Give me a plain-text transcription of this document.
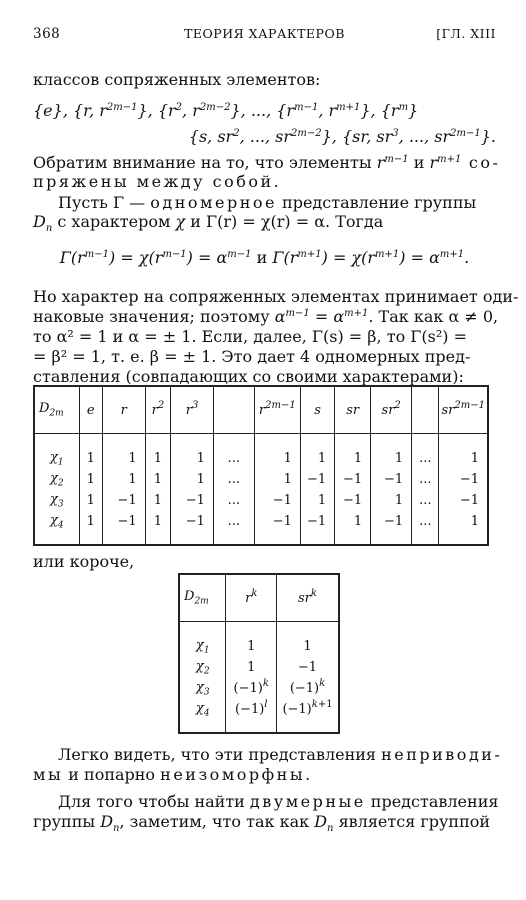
368	ТЕОРИЯ ХАРАКТЕРОВ	[ГЛ. XIII
классов сопряженных элементов:
{e}, {r, $r^{2m-1}$}, {$r^2$, $r^{2m-2}$}, ..., {$r^{m-1}$, $r^{m+1}$}, $\{r^m\}$
{s, $sr^2$, ..., $sr^{2m-2}$}, {sr, $sr^3$, ..., $sr^{2m-1}$}.
Обратим внимание на то, что элементы $r^{m-1}$ и $r^{m+1}$ со-
пряжены между собой.
Пусть Γ — одномерное представление группы
$D_n$ с характером χ и Γ(r) = χ(r) = α. Тогда
$\Gamma(r^{m-1}) = \chi(r^{m-1}) = \alpha^{m-1}$ и $\Gamma(r^{m+1}) = \chi(r^{m+1}) = \alpha^{m+1}$.
Но характер на сопряженных элементах принимает оди-
наковые значения; поэтому $\alpha^{m-1} = \alpha^{m+1}$. Так как α ≠ 0,
то α² = 1 и α = ± 1. Если, далее, Γ(s) = β, то Γ(s²) =
= β² = 1, т. е. β = ± 1. Это дает 4 одномерных пред-
ставления (совпадающих со своими характерами):
$D_{2m}$	e	r	$r^2$	$r^3$		$r^{2m-1}$	s	sr	$sr^2$		$sr^{2m-1}$
$\chi_1$	1	1	1	1	...	1	1	1	1	...	1
$\chi_2$	1	1	1	1	...	1	−1	−1	−1	...	−1
$\chi_3$	1	−1	1	−1	...	−1	1	−1	1	...	−1
$\chi_4$	1	−1	1	−1	...	−1	−1	1	−1	...	1
или короче,
$D_{2m}$	$r^k$	$sr^k$
$\chi_1$	1	1
$\chi_2$	1	−1
$\chi_3$	$(-1)^k$	$(-1)^k$
$\chi_4$	$(-1)^l$	$(-1)^{k+1}$
Легко видеть, что эти представления неприводи-
мы и попарно неизоморфны.
Для того чтобы найти двумерные представления
группы $D_n$, заметим, что так как $D_n$ является группой
